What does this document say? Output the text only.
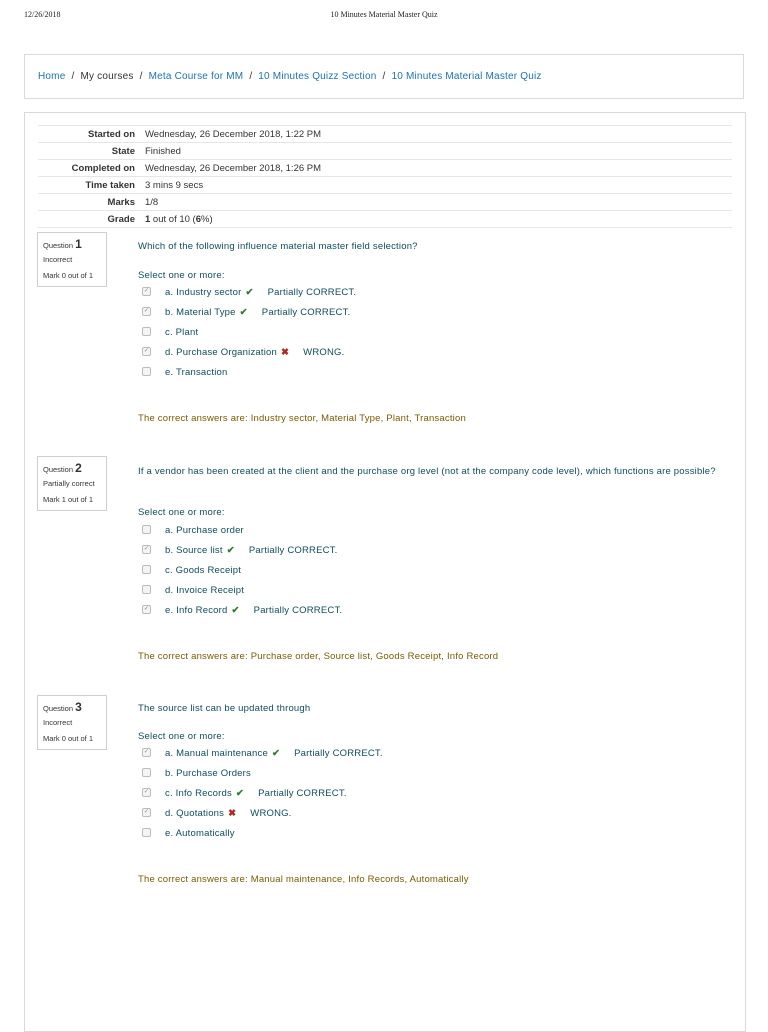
12/26/2018	10 Minutes Material Master Quiz
Home / My courses / Meta Course for MM / 10 Minutes Quizz Section / 10 Minutes Material Master Quiz
Started on Wednesday, 26 December 2018, 1:22 PM
State Finished
Completed on Wednesday, 26 December 2018, 1:26 PM
Time taken 3 mins 9 secs
Marks 1/8
Grade 1 out of 10 (6%)
Question 1
Incorrect
Mark 0 out of 1
Which of the following influence material master field selection?
Select one or more:
✓ a. Industry sector ✔ Partially CORRECT.
✓ b. Material Type ✔ Partially CORRECT.
c. Plant
✓ d. Purchase Organization ✖ WRONG.
e. Transaction
The correct answers are: Industry sector, Material Type, Plant, Transaction
Question 2
Partially correct
Mark 1 out of 1
If a vendor has been created at the client and the purchase org level (not at the company code level), which functions are possible?
Select one or more:
a. Purchase order
✓ b. Source list ✔ Partially CORRECT.
c. Goods Receipt
d. Invoice Receipt
✓ e. Info Record ✔ Partially CORRECT.
The correct answers are: Purchase order, Source list, Goods Receipt, Info Record
Question 3
Incorrect
Mark 0 out of 1
The source list can be updated through
Select one or more:
✓ a. Manual maintenance ✔ Partially CORRECT.
b. Purchase Orders
✓ c. Info Records ✔ Partially CORRECT.
✓ d. Quotations ✖ WRONG.
e. Automatically
The correct answers are: Manual maintenance, Info Records, Automatically
